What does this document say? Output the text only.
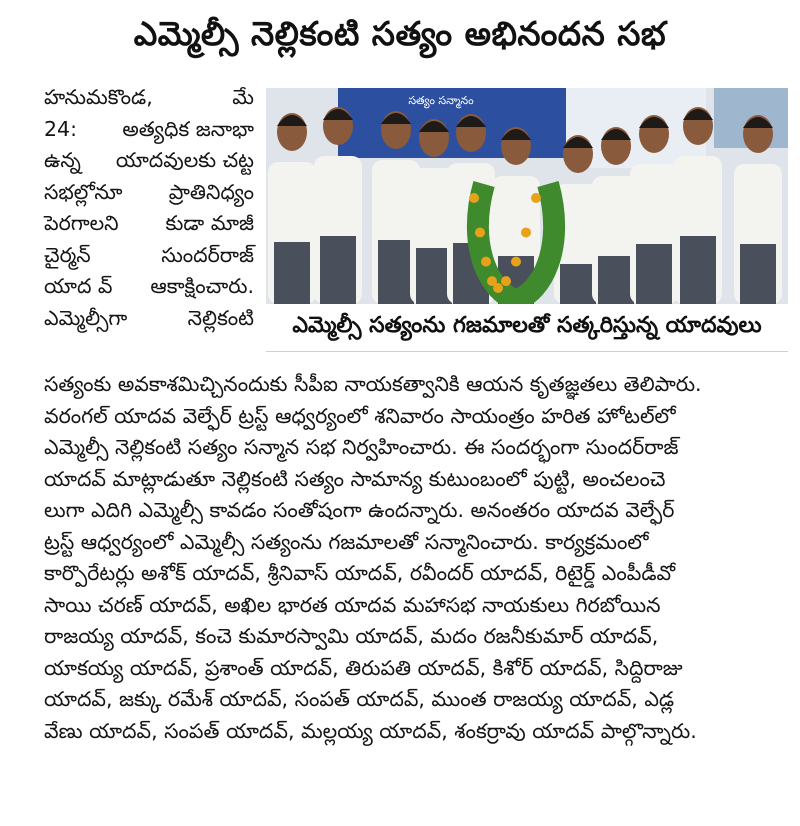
ఎమ్మెల్సీ నెల్లికంటి సత్యం అభినందన సభ
హనుమకొండ,	మే
24: అత్యధిక జనాభా
ఉన్న యాదవులకు చట్ట
సభల్లోనూ ప్రాతినిధ్యం
పెరగాలని కుడా మాజీ
చైర్మన్	సుందర్‌రాజ్
యాద వ్ ఆకాక్షించారు.
ఎమ్మెల్సీగా	నెల్లికంటి
సత్యం సన్మానం
ఎమ్మెల్సీ సత్యంను గజమాలతో సత్కరిస్తున్న యాదవులు
సత్యంకు అవకాశమిచ్చినందుకు సీపీఐ నాయకత్వానికి ఆయన కృతజ్ఞతలు తెలిపారు.
వరంగల్ యాదవ వెల్ఫేర్ ట్రస్ట్ ఆధ్వర్యంలో శనివారం సాయంత్రం హరిత హోటల్‌లో
ఎమ్మెల్సీ నెల్లికంటి సత్యం సన్మాన సభ నిర్వహించారు. ఈ సందర్భంగా సుందర్‌రాజ్
యాదవ్ మాట్లాడుతూ నెల్లికంటి సత్యం సామాన్య కుటుంబంలో పుట్టి, అంచలంచె
లుగా ఎదిగి ఎమ్మెల్సీ కావడం సంతోషంగా ఉందన్నారు. అనంతరం యాదవ వెల్ఫేర్
ట్రస్ట్ ఆధ్వర్యంలో ఎమ్మెల్సీ సత్యంను గజమాలతో సన్మానించారు. కార్యక్రమంలో
కార్పొరేటర్లు అశోక్ యాదవ్, శ్రీనివాస్ యాదవ్, రవీందర్ యాదవ్, రిటైర్డ్ ఎంపీడీవో
సాయి చరణ్ యాదవ్, అఖిల భారత యాదవ మహాసభ నాయకులు గిరబోయిన
రాజయ్య యాదవ్, కంచె కుమారస్వామి యాదవ్, మదం రజనీకుమార్ యాదవ్,
యాకయ్య యాదవ్, ప్రశాంత్ యాదవ్, తిరుపతి యాదవ్, కిశోర్ యాదవ్, సిద్దిరాజు
యాదవ్, జక్కు రమేశ్ యాదవ్, సంపత్ యాదవ్, ముంత రాజయ్య యాదవ్, ఎడ్ల
వేణు యాదవ్, సంపత్ యాదవ్, మల్లయ్య యాదవ్, శంకర్రావు యాదవ్ పాల్గొన్నారు.
